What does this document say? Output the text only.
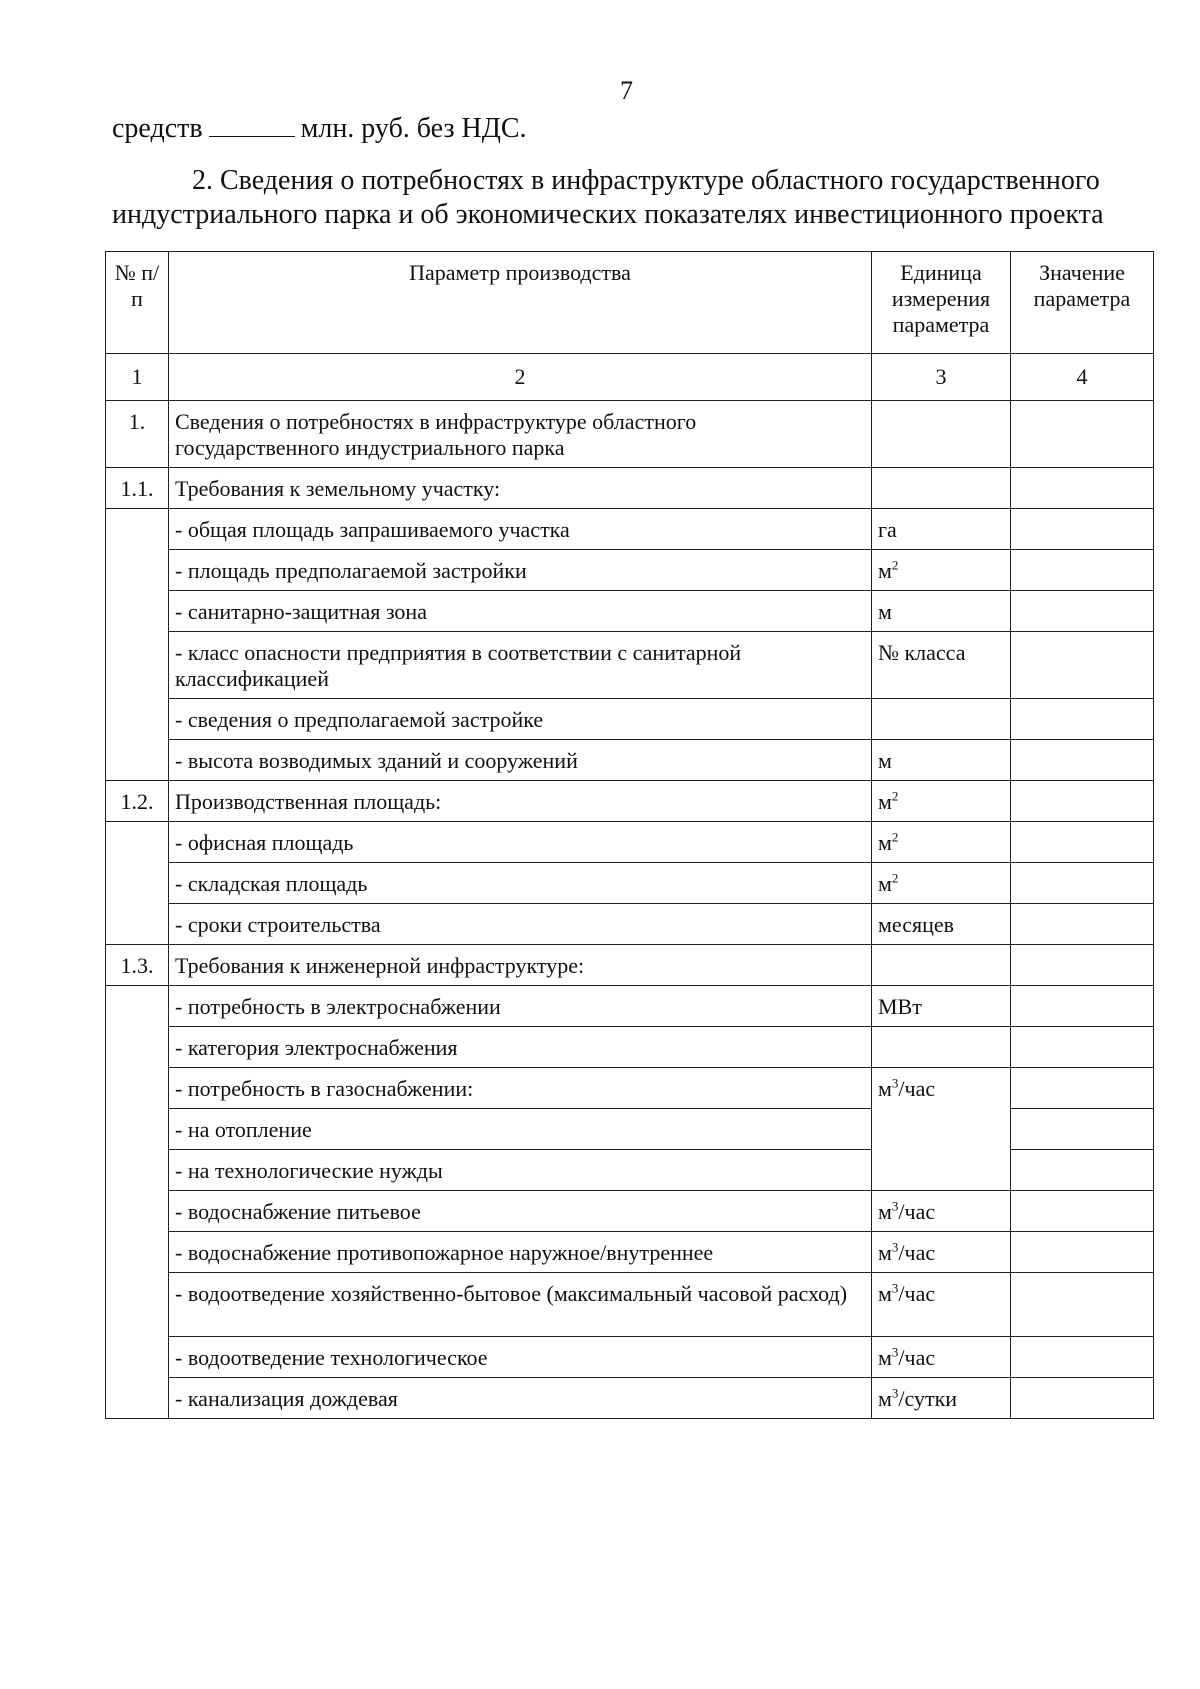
7
средств	млн. руб. без НДС.
2. Сведения о потребностях в инфраструктуре областного государственного
индустриального парка и об экономических показателях инвестиционного проекта
№ п/п	Параметр производства	Единица измерения параметра	Значение параметра
1	2	3	4
1.	Сведения о потребностях в инфраструктуре областного государственного индустриального парка		
1.1.	Требования к земельному участку:		
	- общая площадь запрашиваемого участка	га	
	- площадь предполагаемой застройки	$м^2$	
	- санитарно-защитная зона	м	
	- класс опасности предприятия в соответствии с санитарной классификацией	№ класса	
	- сведения о предполагаемой застройке		
	- высота возводимых зданий и сооружений	м	
1.2.	Производственная площадь:	$м^2$	
	- офисная площадь	$м^2$	
	- складская площадь	$м^2$	
	- сроки строительства	месяцев	
1.3.	Требования к инженерной инфраструктуре:		
	- потребность в электроснабжении	МВт	
	- категория электроснабжения		
	- потребность в газоснабжении:	$м^3$/час	
	- на отопление		
	- на технологические нужды		
	- водоснабжение питьевое	$м^3$/час	
	- водоснабжение противопожарное наружное/внутреннее	$м^3$/час	
	- водоотведение хозяйственно-бытовое (максимальный часовой расход)	$м^3$/час	
	- водоотведение технологическое	$м^3$/час	
	- канализация дождевая	$м^3$/сутки	
